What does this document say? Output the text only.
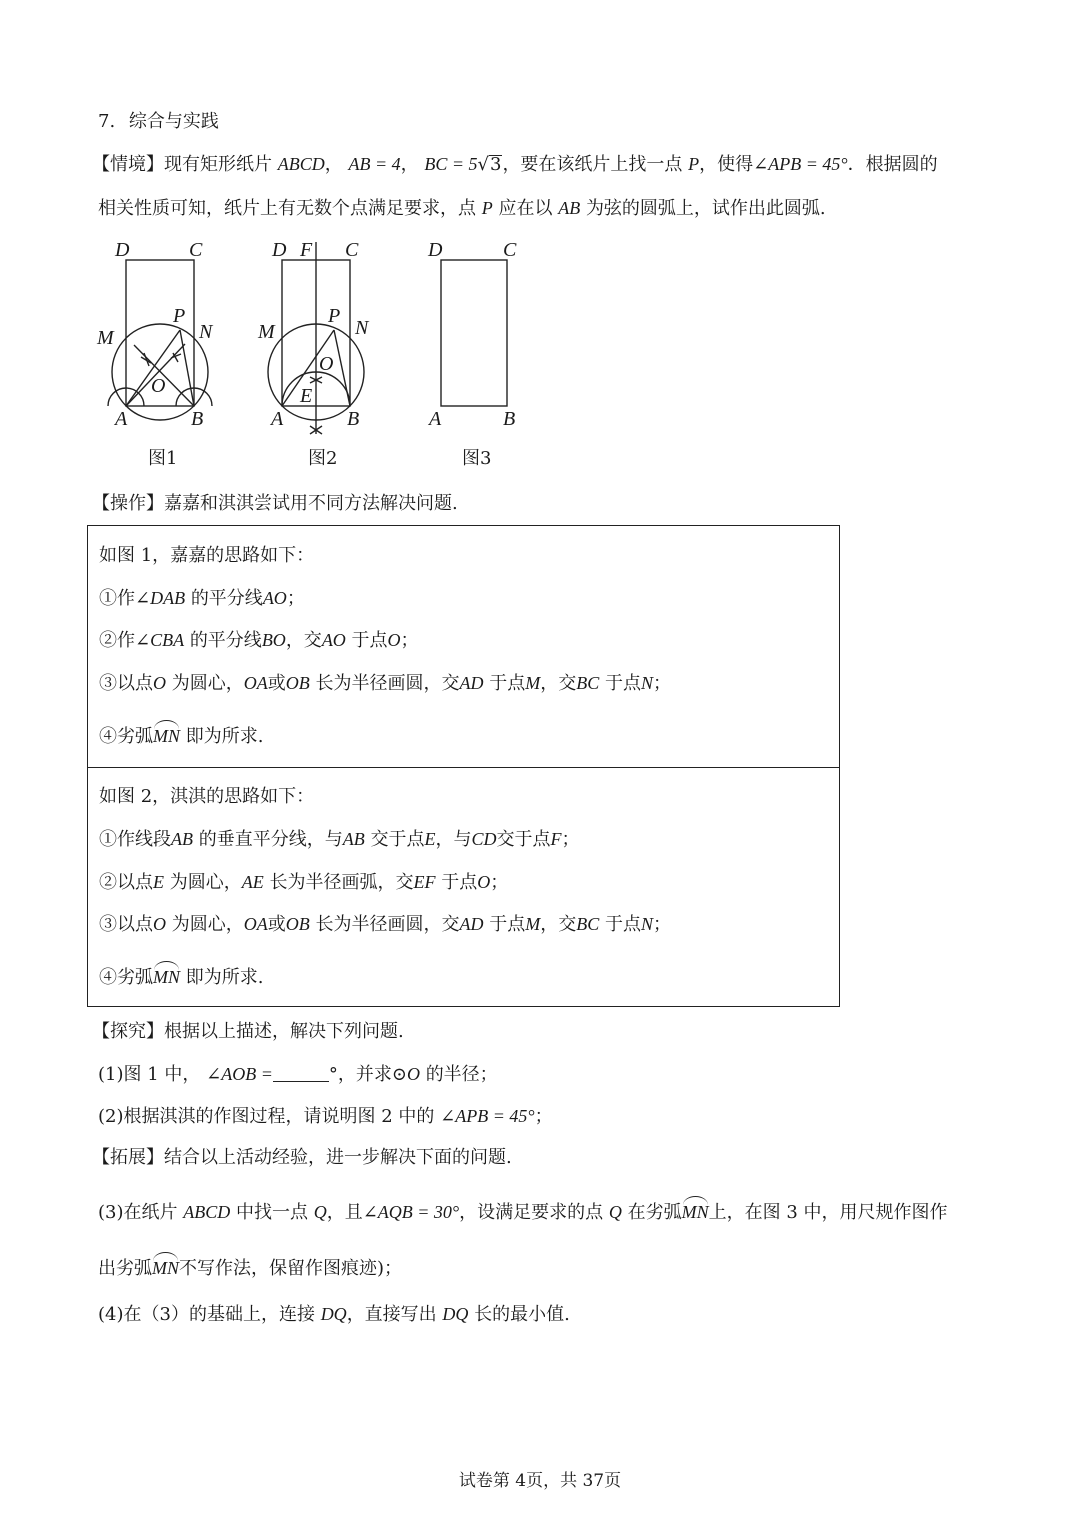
7. 综合与实践
【情境】现有矩形纸片 ABCD， AB = 4， BC = 5√3，要在该纸片上找一点 P，使得∠APB = 45°．根据圆的
相关性质可知，纸片上有无数个点满足要求，点 P 应在以 AB 为弦的圆弧上，试作出此圆弧.
D	C
M
P
N
O
A	B
图1
D F C
M
P
N
O
E
A	B
图2
D	C
A	B
图3
【操作】嘉嘉和淇淇尝试用不同方法解决问题.
如图 1，嘉嘉的思路如下：
①作∠DAB 的平分线AO；
②作∠CBA 的平分线BO，交AO 于点O；
③以点O 为圆心，OA或OB 长为半径画圆，交AD 于点M，交BC 于点N；
④劣弧MN 即为所求.
如图 2，淇淇的思路如下：
①作线段AB 的垂直平分线，与AB 交于点E，与CD交于点F；
②以点E 为圆心，AE 长为半径画弧，交EF 于点O；
③以点O 为圆心，OA或OB 长为半径画圆，交AD 于点M，交BC 于点N；
④劣弧MN 即为所求.
【探究】根据以上描述，解决下列问题.
(1)图 1 中， ∠AOB =	°，并求⊙O 的半径；
(2)根据淇淇的作图过程，请说明图 2 中的 ∠APB = 45°；
【拓展】结合以上活动经验，进一步解决下面的问题.
(3)在纸片 ABCD 中找一点 Q，且∠AQB = 30°，设满足要求的点 Q 在劣弧MN上，在图 3 中，用尺规作图作
出劣弧MN不写作法，保留作图痕迹)；
(4)在（3）的基础上，连接 DQ，直接写出 DQ 长的最小值.
试卷第 4页，共 37页
